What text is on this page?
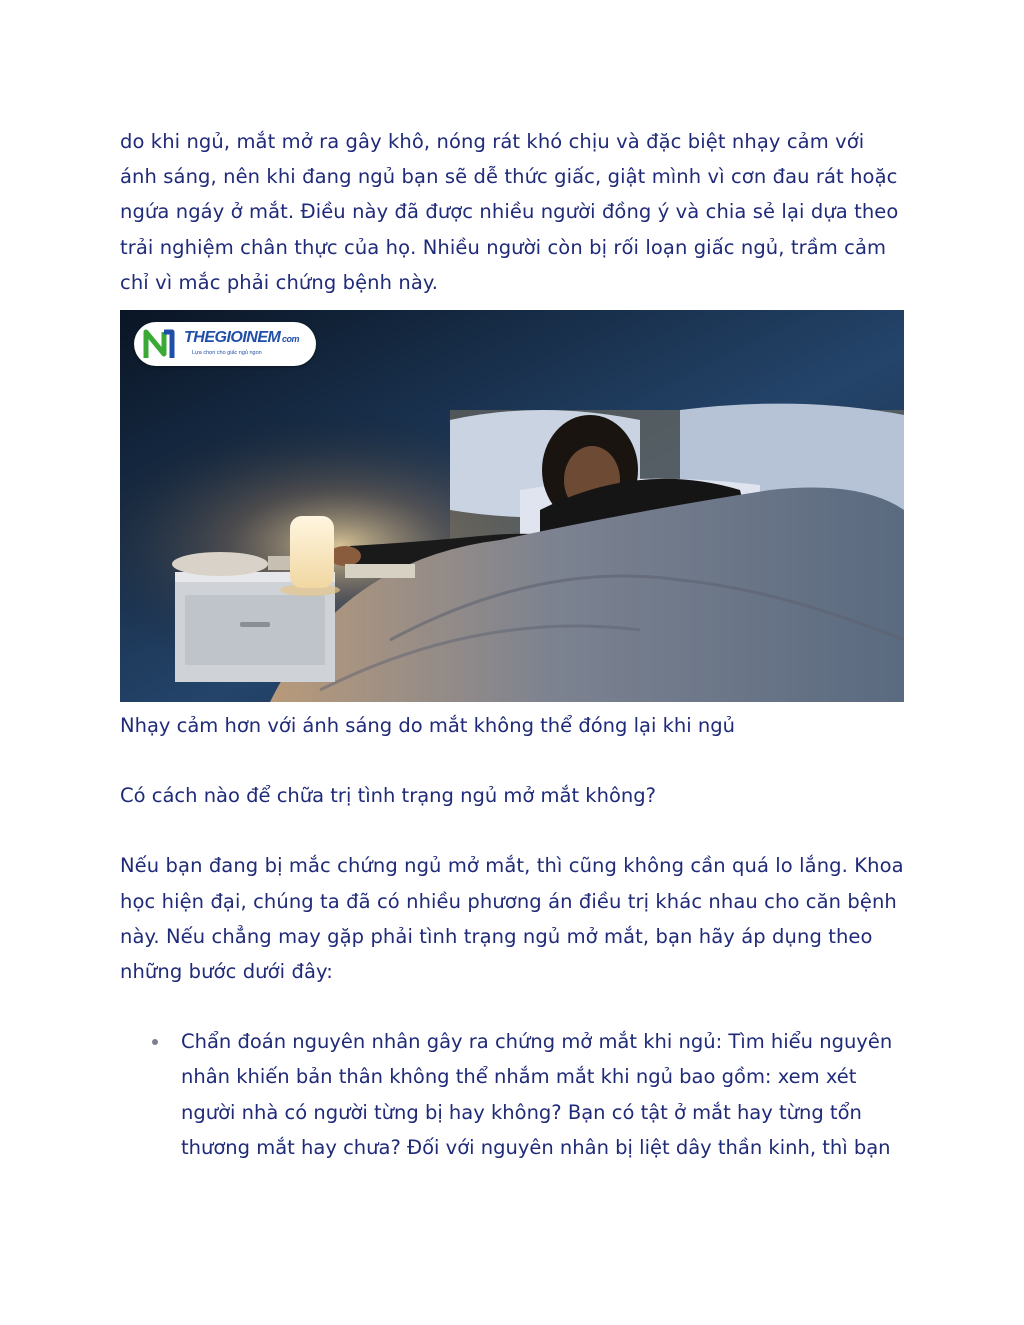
do khi ngủ, mắt mở ra gây khô, nóng rát khó chịu và đặc biệt nhạy cảm với ánh sáng, nên khi đang ngủ bạn sẽ dễ thức giấc, giật mình vì cơn đau rát hoặc ngứa ngáy ở mắt. Điều này đã được nhiều người đồng ý và chia sẻ lại dựa theo trải nghiệm chân thực của họ. Nhiều người còn bị rối loạn giấc ngủ, trầm cảm chỉ vì mắc phải chứng bệnh này.

THEGIOINEM com
Lựa chọn cho giấc ngủ ngon

Nhạy cảm hơn với ánh sáng do mắt không thể đóng lại khi ngủ

Có cách nào để chữa trị tình trạng ngủ mở mắt không?

Nếu bạn đang bị mắc chứng ngủ mở mắt, thì cũng không cần quá lo lắng. Khoa học hiện đại, chúng ta đã có nhiều phương án điều trị khác nhau cho căn bệnh này. Nếu chẳng may gặp phải tình trạng ngủ mở mắt, bạn hãy áp dụng theo những bước dưới đây:

Chẩn đoán nguyên nhân gây ra chứng mở mắt khi ngủ: Tìm hiểu nguyên nhân khiến bản thân không thể nhắm mắt khi ngủ bao gồm: xem xét người nhà có người từng bị hay không? Bạn có tật ở mắt hay từng tổn thương mắt hay chưa? Đối với nguyên nhân bị liệt dây thần kinh, thì bạn
